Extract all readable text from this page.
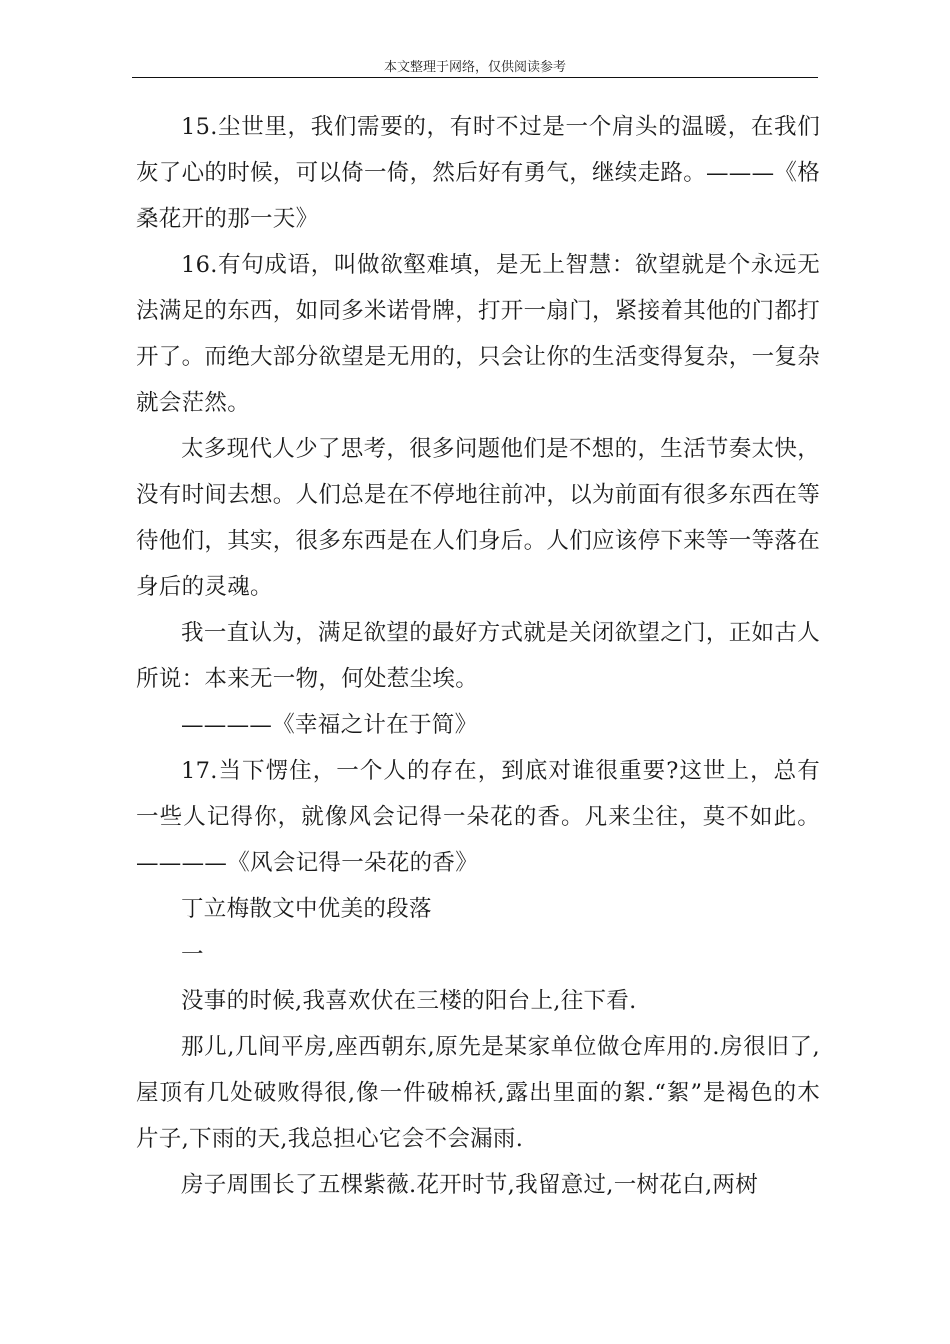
本文整理于网络，仅供阅读参考

15.尘世里，我们需要的，有时不过是一个肩头的温暖，在我们灰了心的时候，可以倚一倚，然后好有勇气，继续走路。———《格桑花开的那一天》

16.有句成语，叫做欲壑难填，是无上智慧：欲望就是个永远无法满足的东西，如同多米诺骨牌，打开一扇门，紧接着其他的门都打开了。而绝大部分欲望是无用的，只会让你的生活变得复杂，一复杂就会茫然。

太多现代人少了思考，很多问题他们是不想的，生活节奏太快，没有时间去想。人们总是在不停地往前冲，以为前面有很多东西在等待他们，其实，很多东西是在人们身后。人们应该停下来等一等落在身后的灵魂。

我一直认为，满足欲望的最好方式就是关闭欲望之门，正如古人所说：本来无一物，何处惹尘埃。

————《幸福之计在于简》

17.当下愣住，一个人的存在，到底对谁很重要?这世上，总有一些人记得你，就像风会记得一朵花的香。凡来尘往，莫不如此。————《风会记得一朵花的香》

丁立梅散文中优美的段落

一

没事的时候,我喜欢伏在三楼的阳台上,往下看.

那儿,几间平房,座西朝东,原先是某家单位做仓库用的.房很旧了,屋顶有几处破败得很,像一件破棉袄,露出里面的絮.“絮”是褐色的木片子,下雨的天,我总担心它会不会漏雨.

房子周围长了五棵紫薇.花开时节,我留意过,一树花白,两树
